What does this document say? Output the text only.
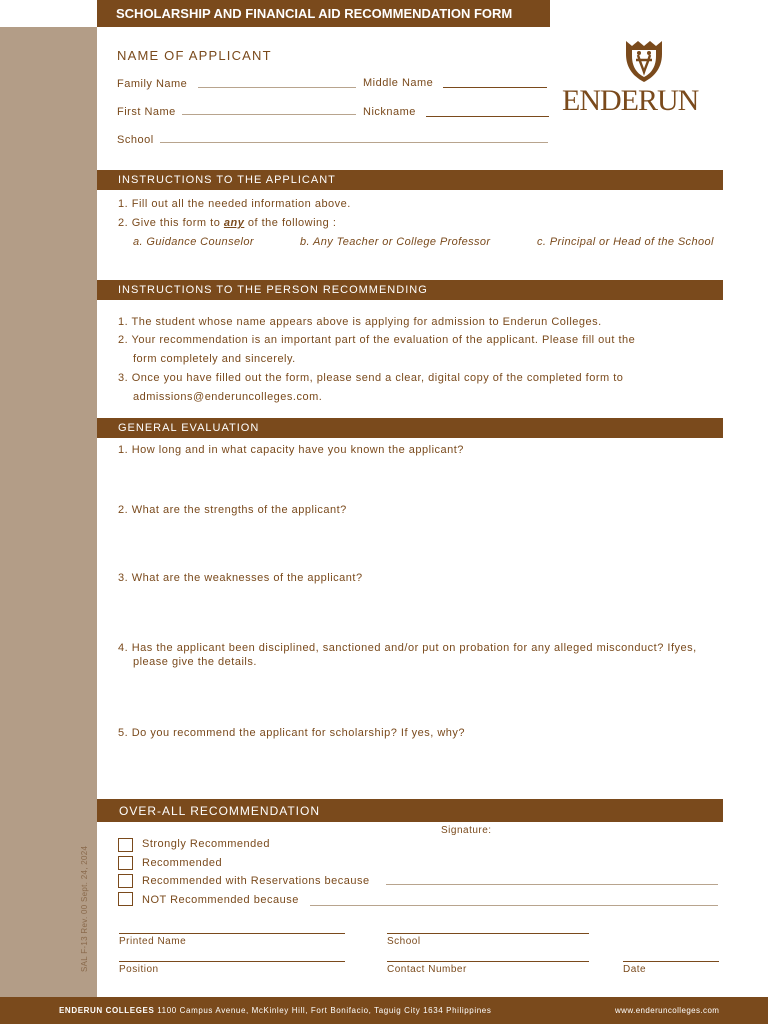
SCHOLARSHIP AND FINANCIAL AID RECOMMENDATION FORM
NAME OF APPLICANT
Family Name	Middle Name
First Name	Nickname
School
ENDERUN
INSTRUCTIONS TO THE APPLICANT
1. Fill out all the needed information above.
2. Give this form to any of the following :
a. Guidance Counselor	b. Any Teacher or College Professor	c. Principal or Head of the School
INSTRUCTIONS TO THE PERSON RECOMMENDING
1. The student whose name appears above is applying for admission to Enderun Colleges.
2. Your recommendation is an important part of the evaluation of the applicant. Please fill out the
form completely and sincerely.
3. Once you have filled out the form, please send a clear, digital copy of the completed form to
admissions@enderuncolleges.com.
GENERAL EVALUATION
1. How long and in what capacity have you known the applicant?
2. What are the strengths of the applicant?
3. What are the weaknesses of the applicant?
4. Has the applicant been disciplined, sanctioned and/or put on probation for any alleged misconduct? Ifyes,
please give the details.
5. Do you recommend the applicant for scholarship? If yes, why?
OVER-ALL RECOMMENDATION
Signature:
Strongly Recommended
Recommended
Recommended with Reservations because
NOT Recommended because
Printed Name	School
Position	Contact Number	Date
SAL F-13 Rev. 00 Sept. 24, 2024
ENDERUN COLLEGES 1100 Campus Avenue, McKinley Hill, Fort Bonifacio, Taguig City 1634 Philippines	www.enderuncolleges.com
